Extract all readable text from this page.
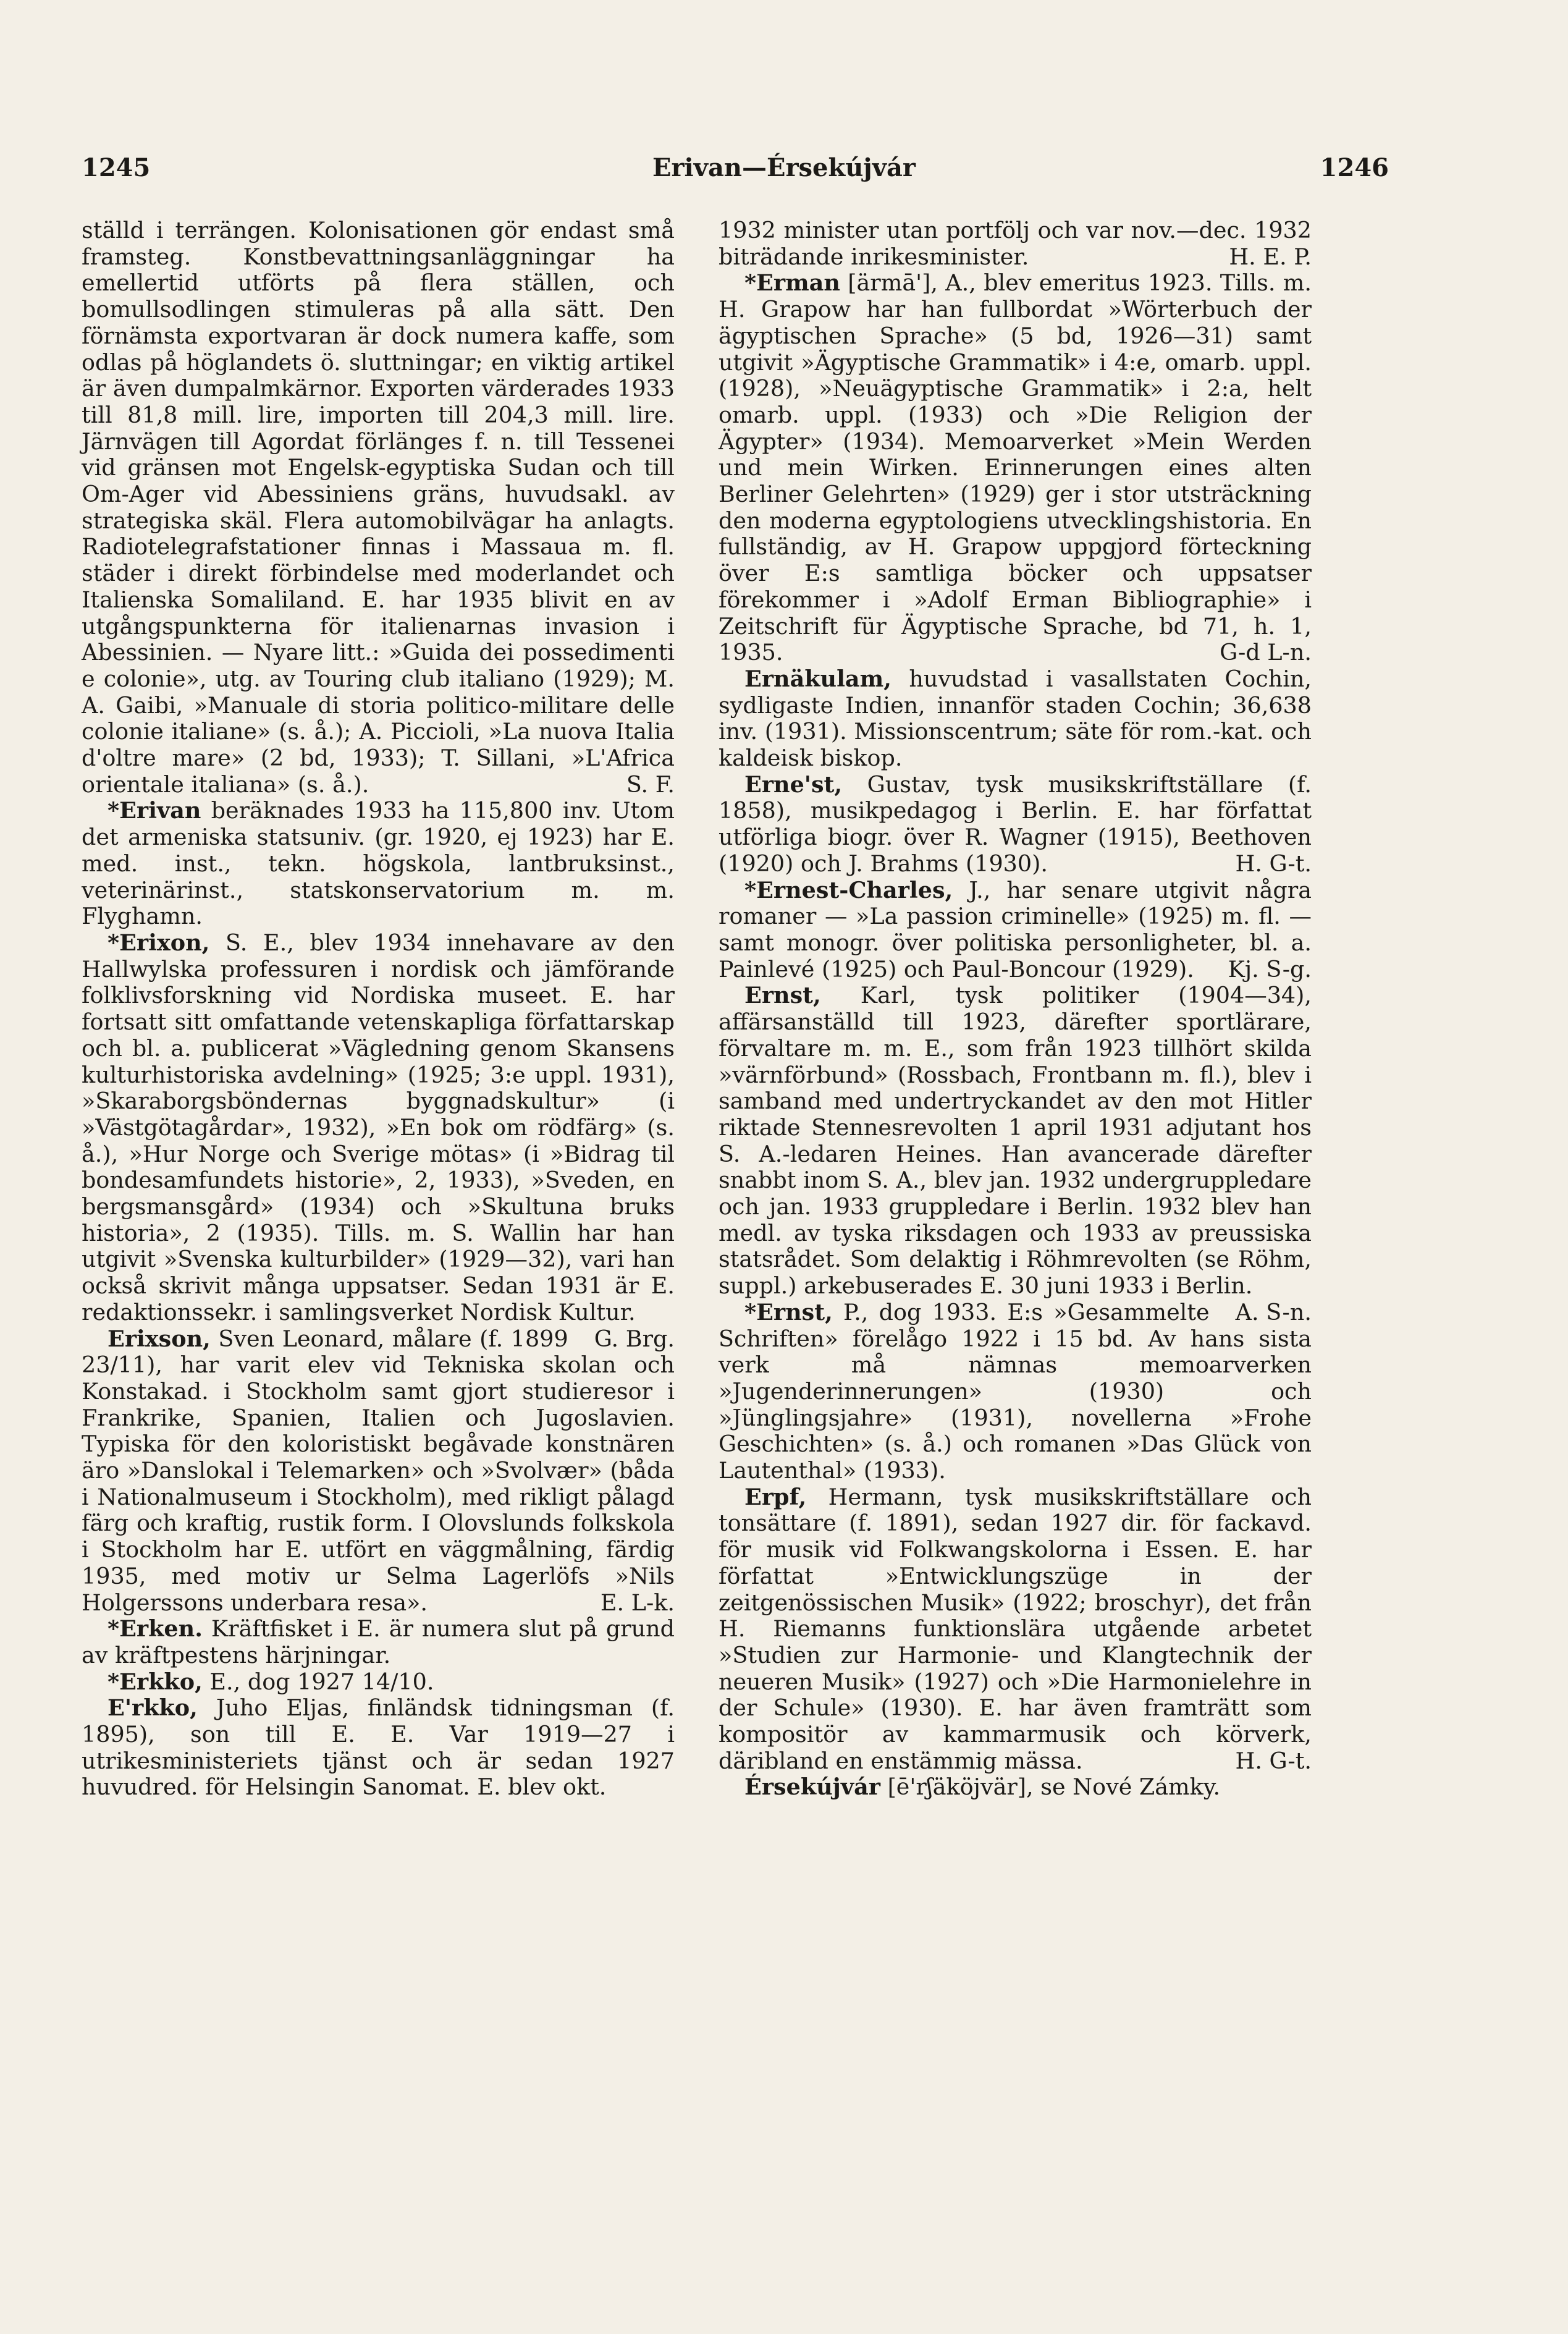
1245	Erivan—Érsekújvár	1246

ställd i terrängen. Kolonisationen gör endast små framsteg. Konstbevattningsanläggningar ha emellertid utförts på flera ställen, och bomullsodlingen stimuleras på alla sätt. Den förnämsta exportvaran är dock numera kaffe, som odlas på höglandets ö. sluttningar; en viktig artikel är även dumpalmkärnor. Exporten värderades 1933 till 81,8 mill. lire, importen till 204,3 mill. lire. Järnvägen till Agordat förlänges f. n. till Tessenei vid gränsen mot Engelsk-egyptiska Sudan och till Om-Ager vid Abessiniens gräns, huvudsakl. av strategiska skäl. Flera automobilvägar ha anlagts. Radiotelegrafstationer finnas i Massaua m. fl. städer i direkt förbindelse med moderlandet och Italienska Somaliland. E. har 1935 blivit en av utgångspunkterna för italienarnas invasion i Abessinien. — Nyare litt.: »Guida dei possedimenti e colonie», utg. av Touring club italiano (1929); M. A. Gaibi, »Manuale di storia politico-militare delle colonie italiane» (s. å.); A. Piccioli, »La nuova Italia d'oltre mare» (2 bd, 1933); T. Sillani, »L'Africa orientale italiana» (s. å.).	S. F.

*Erivan beräknades 1933 ha 115,800 inv. Utom det armeniska statsuniv. (gr. 1920, ej 1923) har E. med. inst., tekn. högskola, lantbruksinst., veterinärinst., statskonservatorium m. m. Flyghamn.

*Erixon, S. E., blev 1934 innehavare av den Hallwylska professuren i nordisk och jämförande folklivsforskning vid Nordiska museet. E. har fortsatt sitt omfattande vetenskapliga författarskap och bl. a. publicerat »Vägledning genom Skansens kulturhistoriska avdelning» (1925; 3:e uppl. 1931), »Skaraborgsböndernas byggnadskultur» (i »Västgötagårdar», 1932), »En bok om rödfärg» (s. å.), »Hur Norge och Sverige mötas» (i »Bidrag til bondesamfundets historie», 2, 1933), »Sveden, en bergsmansgård» (1934) och »Skultuna bruks historia», 2 (1935). Tills. m. S. Wallin har han utgivit »Svenska kulturbilder» (1929—32), vari han också skrivit många uppsatser. Sedan 1931 är E. redaktionssekr. i samlingsverket Nordisk Kultur.
G. Brg.

Erixson, Sven Leonard, målare (f. 1899 23/11), har varit elev vid Tekniska skolan och Konstakad. i Stockholm samt gjort studieresor i Frankrike, Spanien, Italien och Jugoslavien. Typiska för den koloristiskt begåvade konstnären äro »Danslokal i Telemarken» och »Svolvær» (båda i Nationalmuseum i Stockholm), med rikligt pålagd färg och kraftig, rustik form. I Olovslunds folkskola i Stockholm har E. utfört en väggmålning, färdig 1935, med motiv ur Selma Lagerlöfs »Nils Holgerssons underbara resa».	E. L-k.

*Erken. Kräftfisket i E. är numera slut på grund av kräftpestens härjningar.

*Erkko, E., dog 1927 14/10.

E'rkko, Juho Eljas, finländsk tidningsman (f. 1895), son till E. E. Var 1919—27 i utrikesministeriets tjänst och är sedan 1927 huvudred. för Helsingin Sanomat. E. blev okt.

1932 minister utan portfölj och var nov.—dec. 1932 biträdande inrikesminister.	H. E. P.

*Erman [ärmā'], A., blev emeritus 1923. Tills. m. H. Grapow har han fullbordat »Wörterbuch der ägyptischen Sprache» (5 bd, 1926—31) samt utgivit »Ägyptische Grammatik» i 4:e, omarb. uppl. (1928), »Neuägyptische Grammatik» i 2:a, helt omarb. uppl. (1933) och »Die Religion der Ägypter» (1934). Memoarverket »Mein Werden und mein Wirken. Erinnerungen eines alten Berliner Gelehrten» (1929) ger i stor utsträckning den moderna egyptologiens utvecklingshistoria. En fullständig, av H. Grapow uppgjord förteckning över E:s samtliga böcker och uppsatser förekommer i »Adolf Erman Bibliographie» i Zeitschrift für Ägyptische Sprache, bd 71, h. 1, 1935.	G-d L-n.

Ernäkulam, huvudstad i vasallstaten Cochin, sydligaste Indien, innanför staden Cochin; 36,638 inv. (1931). Missionscentrum; säte för rom.-kat. och kaldeisk biskop.

Erne'st, Gustav, tysk musikskriftställare (f. 1858), musikpedagog i Berlin. E. har författat utförliga biogr. över R. Wagner (1915), Beethoven (1920) och J. Brahms (1930).	H. G-t.

*Ernest-Charles, J., har senare utgivit några romaner — »La passion criminelle» (1925) m. fl. — samt monogr. över politiska personligheter, bl. a. Painlevé (1925) och Paul-Boncour (1929).	Kj. S-g.

Ernst, Karl, tysk politiker (1904—34), affärsanställd till 1923, därefter sportlärare, förvaltare m. m. E., som från 1923 tillhört skilda »värnförbund» (Rossbach, Frontbann m. fl.), blev i samband med undertryckandet av den mot Hitler riktade Stennesrevolten 1 april 1931 adjutant hos S. A.-ledaren Heines. Han avancerade därefter snabbt inom S. A., blev jan. 1932 undergruppledare och jan. 1933 gruppledare i Berlin. 1932 blev han medl. av tyska riksdagen och 1933 av preussiska statsrådet. Som delaktig i Röhmrevolten (se Röhm, suppl.) arkebuserades E. 30 juni 1933 i Berlin.
A. S-n.

*Ernst, P., dog 1933. E:s »Gesammelte Schriften» förelågo 1922 i 15 bd. Av hans sista verk må nämnas memoarverken »Jugenderinnerungen» (1930) och »Jünglingsjahre» (1931), novellerna »Frohe Geschichten» (s. å.) och romanen »Das Glück von Lautenthal» (1933).

Erpf, Hermann, tysk musikskriftställare och tonsättare (f. 1891), sedan 1927 dir. för fackavd. för musik vid Folkwangskolorna i Essen. E. har författat »Entwicklungszüge in der zeitgenössischen Musik» (1922; broschyr), det från H. Riemanns funktionslära utgående arbetet »Studien zur Harmonie- und Klangtechnik der neueren Musik» (1927) och »Die Harmonielehre in der Schule» (1930). E. har även framträtt som kompositör av kammarmusik och körverk, däribland en enstämmig mässa.	H. G-t.

Érsekújvár [ē'rʃäköjvär], se Nové Zámky.
